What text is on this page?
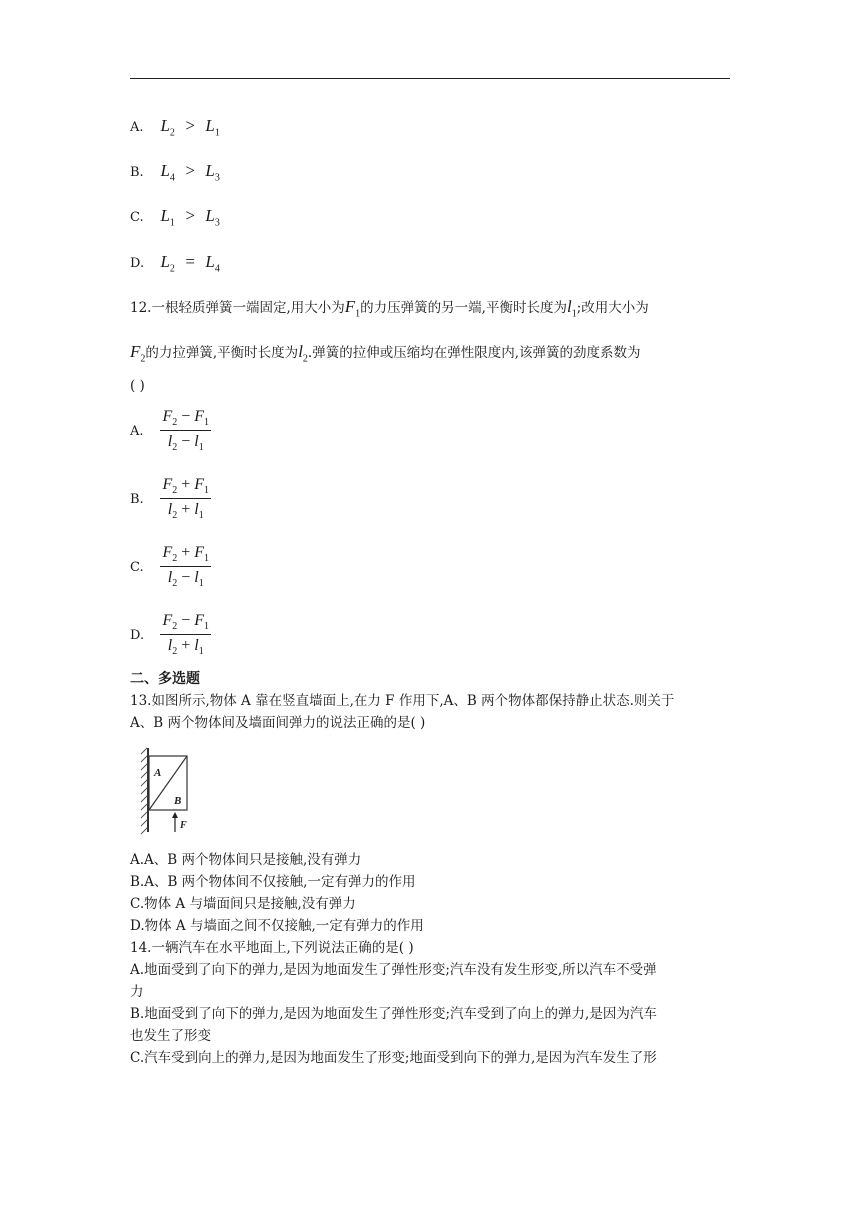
A. $L_2 > L_1$
B. $L_4 > L_3$
C. $L_1 > L_3$
D. $L_2 = L_4$
12.一根轻质弹簧一端固定,用大小为$F_1$的力压弹簧的另一端,平衡时长度为$l_1$;改用大小为
$F_2$的力拉弹簧,平衡时长度为$l_2$.弹簧的拉伸或压缩均在弹性限度内,该弹簧的劲度系数为
( )
A. $\frac{F_2 - F_1}{l_2 - l_1}$
B. $\frac{F_2 + F_1}{l_2 + l_1}$
C. $\frac{F_2 + F_1}{l_2 - l_1}$
D. $\frac{F_2 - F_1}{l_2 + l_1}$
二、多选题
13.如图所示,物体 A 靠在竖直墙面上,在力 F 作用下,A、B 两个物体都保持静止状态.则关于
A、B 两个物体间及墙面间弹力的说法正确的是( )
A
B
F
A.A、B 两个物体间只是接触,没有弹力
B.A、B 两个物体间不仅接触,一定有弹力的作用
C.物体 A 与墙面间只是接触,没有弹力
D.物体 A 与墙面之间不仅接触,一定有弹力的作用
14.一辆汽车在水平地面上,下列说法正确的是( )
A.地面受到了向下的弹力,是因为地面发生了弹性形变;汽车没有发生形变,所以汽车不受弹
力
B.地面受到了向下的弹力,是因为地面发生了弹性形变;汽车受到了向上的弹力,是因为汽车
也发生了形变
C.汽车受到向上的弹力,是因为地面发生了形变;地面受到向下的弹力,是因为汽车发生了形
